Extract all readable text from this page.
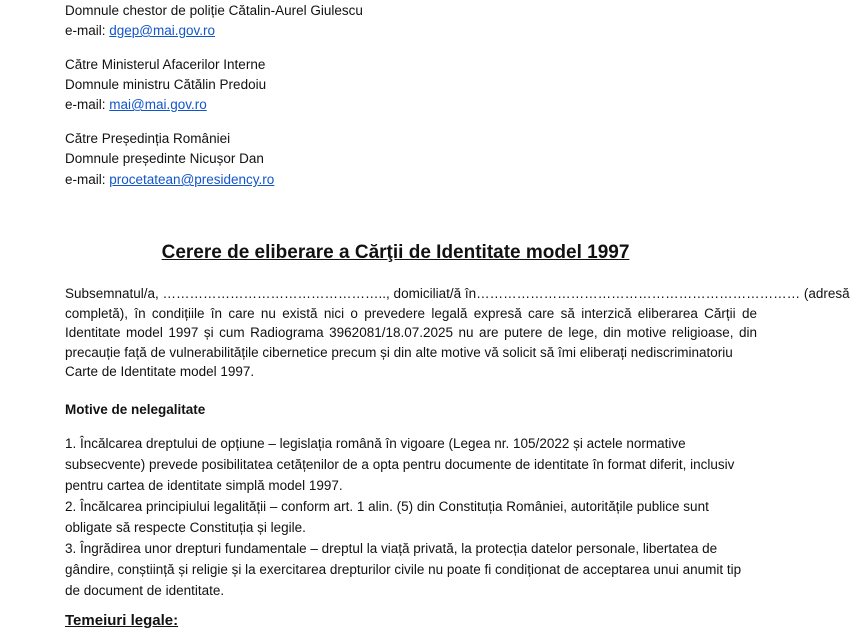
Domnule chestor de poliție Cătalin-Aurel Giulescu
e-mail: dgep@mai.gov.ro
Către Ministerul Afacerilor Interne
Domnule ministru Cătălin Predoiu
e-mail: mai@mai.gov.ro
Către Președinția României
Domnule președinte Nicușor Dan
e-mail: procetatean@presidency.ro
Cerere de eliberare a Cărţii de Identitate model 1997
Subsemnatul/a, ………………………………………….., domiciliat/ă în……………………………………………………………… (adresă
completă), în condițiile în care nu există nici o prevedere legală expresă care să interzică eliberarea Cărții de Identitate model 1997 și cum Radiograma 3962081/18.07.2025 nu are putere de lege, din motive religioase, din precauție față de vulnerabilitățile cibernetice precum și din alte motive vă solicit să îmi eliberați nediscriminatoriu
Carte de Identitate model 1997.
Motive de nelegalitate
1. Încălcarea dreptului de opțiune – legislația română în vigoare (Legea nr. 105/2022 și actele normative subsecvente) prevede posibilitatea cetățenilor de a opta pentru documente de identitate în format diferit, inclusiv pentru cartea de identitate simplă model 1997.
2. Încălcarea principiului legalității – conform art. 1 alin. (5) din Constituția României, autoritățile publice sunt obligate să respecte Constituția și legile.
3. Îngrădirea unor drepturi fundamentale – dreptul la viață privată, la protecția datelor personale, libertatea de gândire, conștiință și religie și la exercitarea drepturilor civile nu poate fi condiționat de acceptarea unui anumit tip de document de identitate.
Temeiuri legale:
